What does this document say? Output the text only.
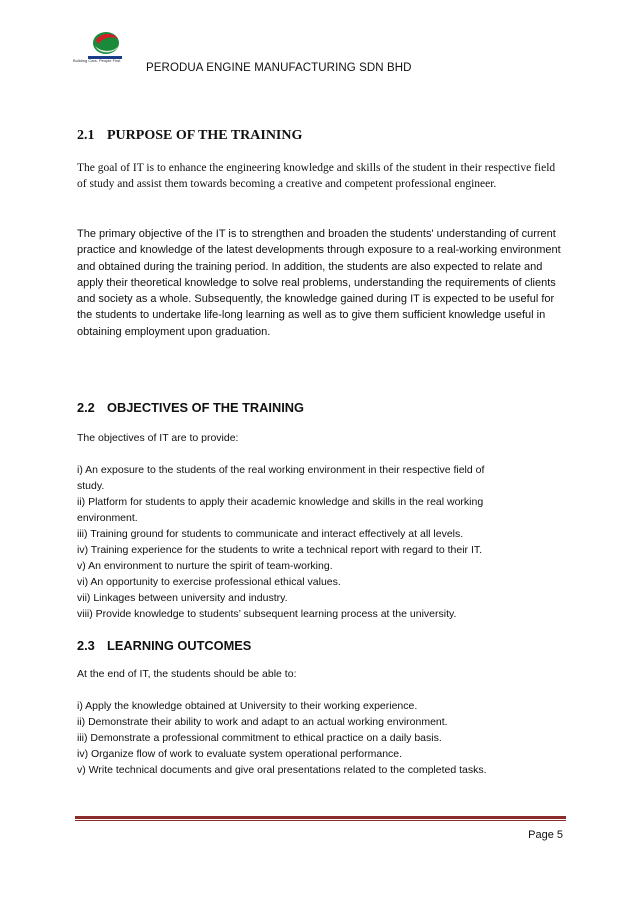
Building Cars. People First
PERODUA ENGINE MANUFACTURING SDN BHD
2.1 PURPOSE OF THE TRAINING

The goal of IT is to enhance the engineering knowledge and skills of the student in their respective field of study and assist them towards becoming a creative and competent professional engineer.

The primary objective of the IT is to strengthen and broaden the students' understanding of current practice and knowledge of the latest developments through exposure to a real-working environment and obtained during the training period. In addition, the students are also expected to relate and apply their theoretical knowledge to solve real problems, understanding the requirements of clients and society as a whole. Subsequently, the knowledge gained during IT is expected to be useful for the students to undertake life-long learning as well as to give them sufficient knowledge useful in obtaining employment upon graduation.

2.2 OBJECTIVES OF THE TRAINING

The objectives of IT are to provide:

i) An exposure to the students of the real working environment in their respective field of

study.

ii) Platform for students to apply their academic knowledge and skills in the real working

environment.

iii) Training ground for students to communicate and interact effectively at all levels.

iv) Training experience for the students to write a technical report with regard to their IT.

v) An environment to nurture the spirit of team-working.

vi) An opportunity to exercise professional ethical values.

vii) Linkages between university and industry.

viii) Provide knowledge to students’ subsequent learning process at the university.

2.3 LEARNING OUTCOMES

At the end of IT, the students should be able to:

i) Apply the knowledge obtained at University to their working experience.

ii) Demonstrate their ability to work and adapt to an actual working environment.

iii) Demonstrate a professional commitment to ethical practice on a daily basis.

iv) Organize flow of work to evaluate system operational performance.

v) Write technical documents and give oral presentations related to the completed tasks.

Page 5
